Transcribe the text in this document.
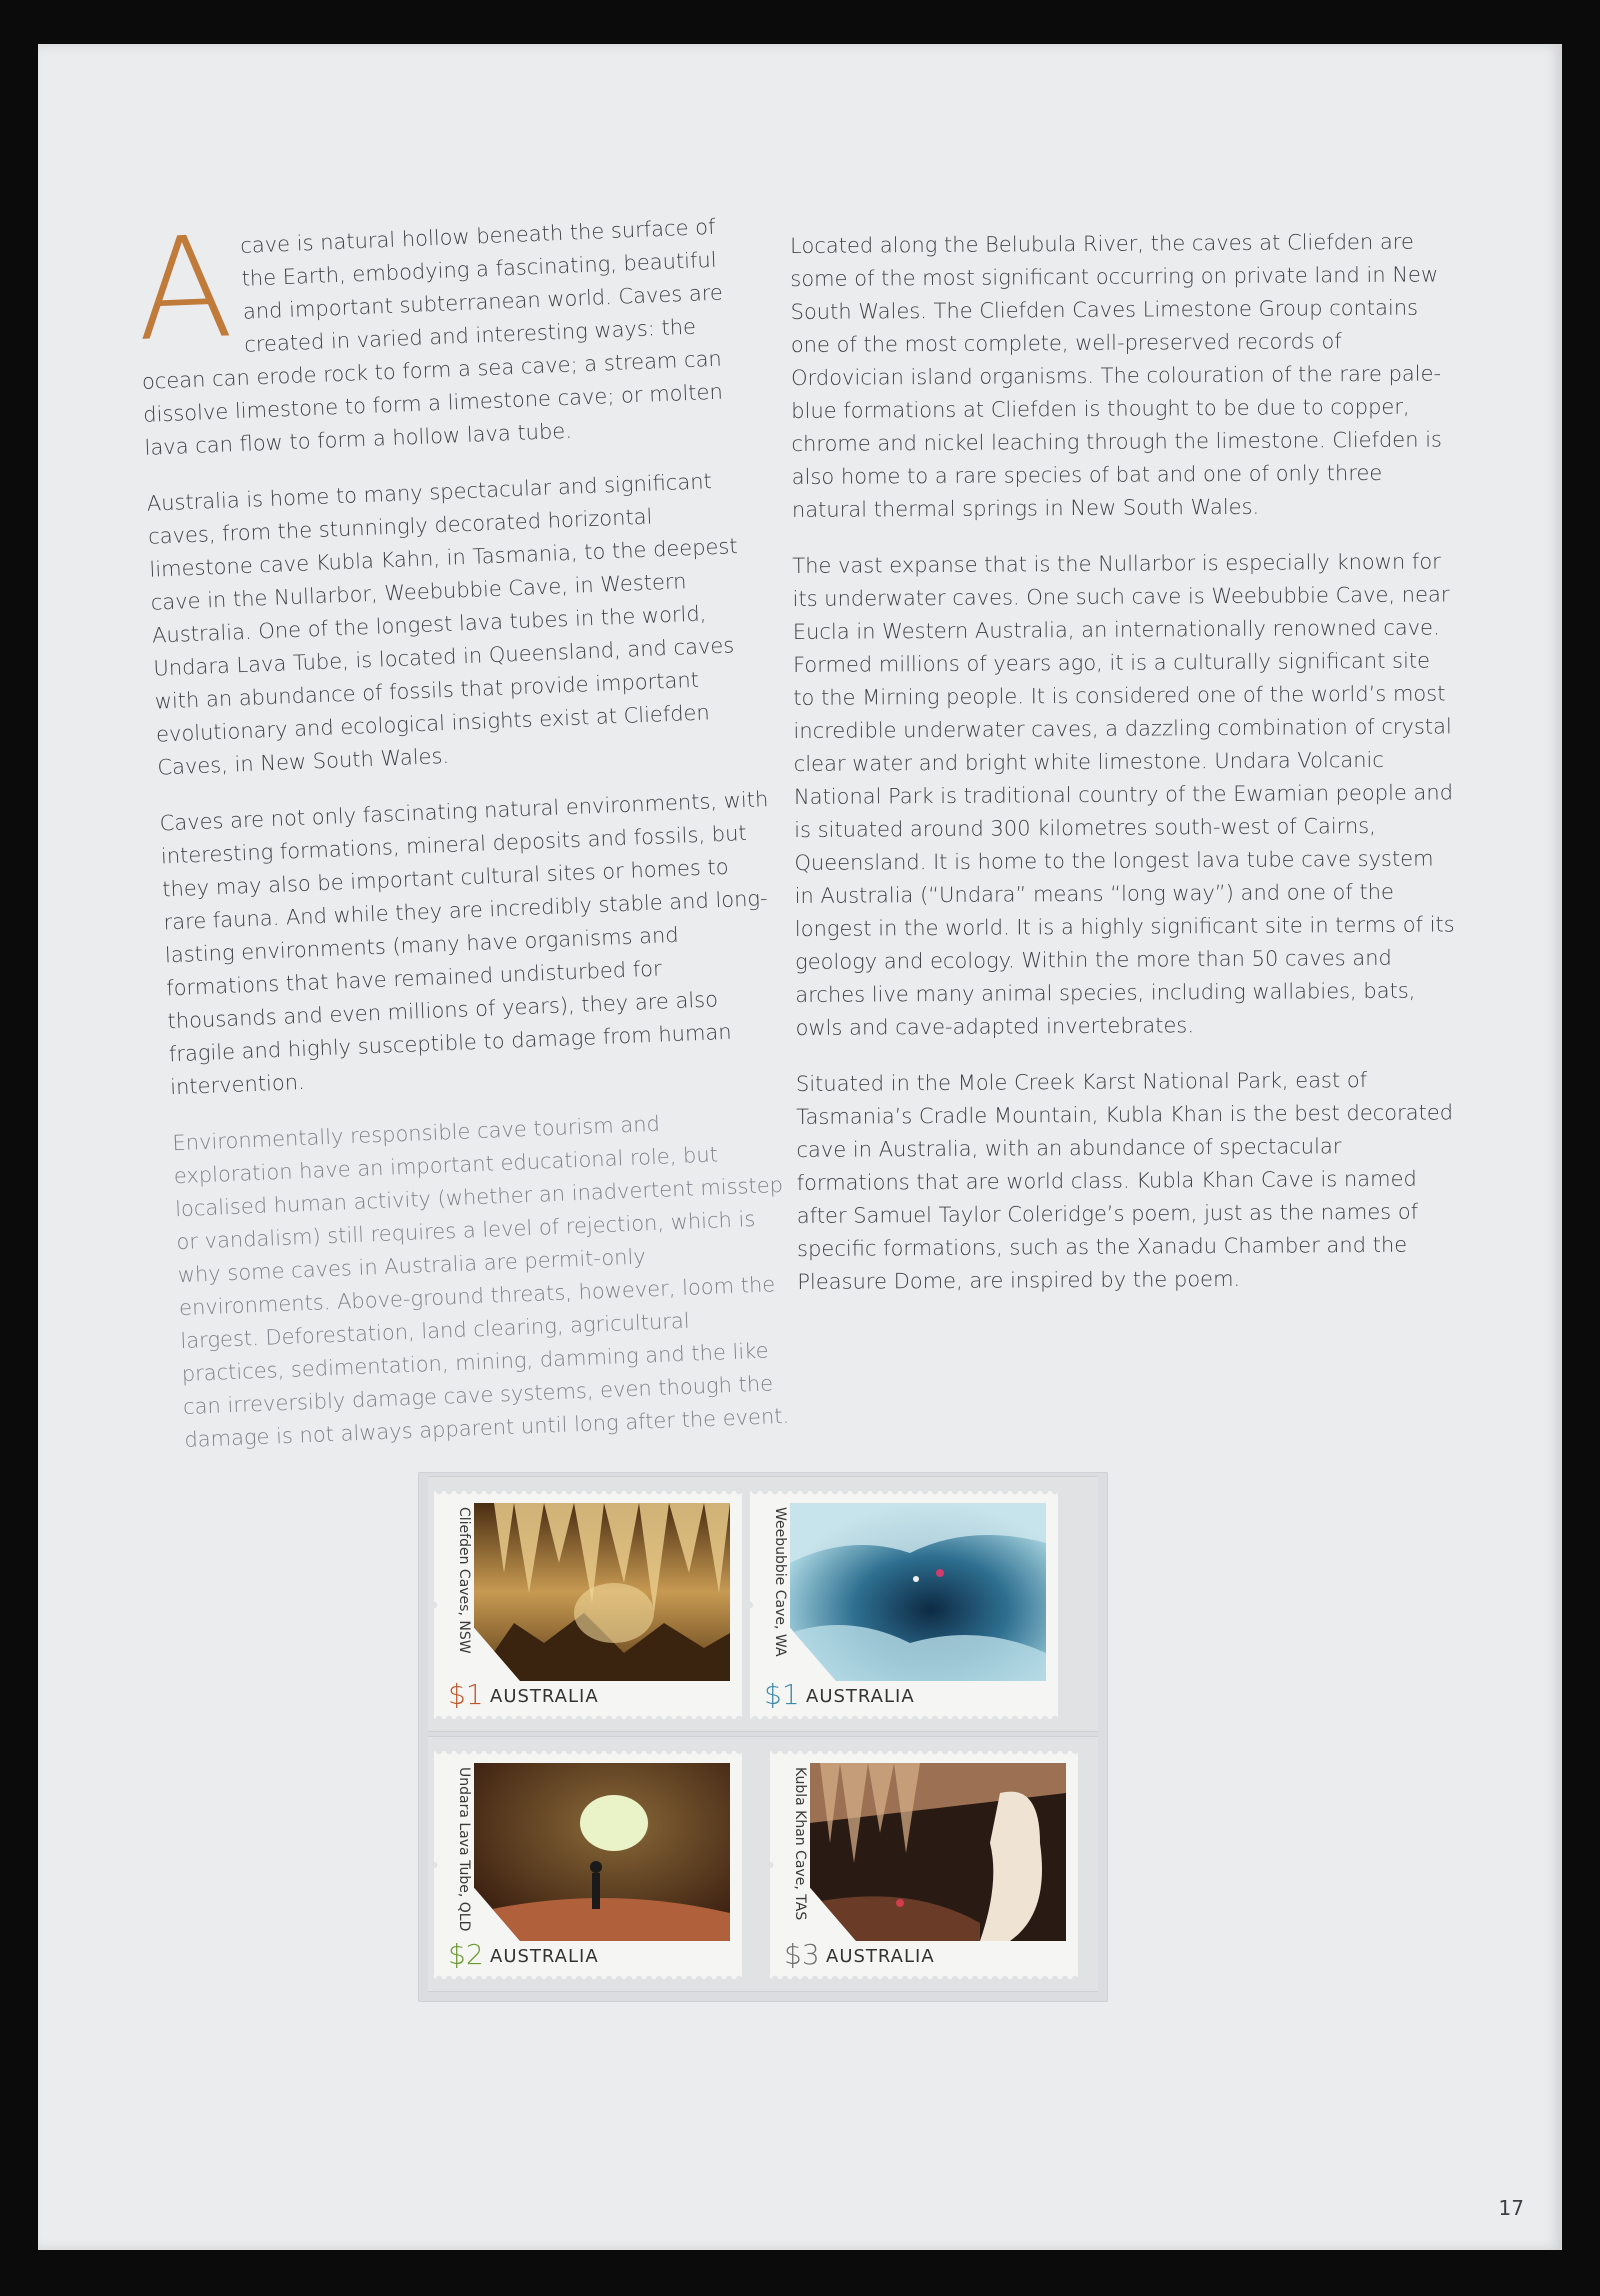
Acave is natural hollow beneath the surface of the Earth, embodying a fascinating, beautiful and important subterranean world. Caves are created in varied and interesting ways: the ocean can erode rock to form a sea cave; a stream can dissolve limestone to form a limestone cave; or molten lava can flow to form a hollow lava tube.

Australia is home to many spectacular and significant caves, from the stunningly decorated horizontal limestone cave Kubla Kahn, in Tasmania, to the deepest cave in the Nullarbor, Weebubbie Cave, in Western Australia. One of the longest lava tubes in the world, Undara Lava Tube, is located in Queensland, and caves with an abundance of fossils that provide important evolutionary and ecological insights exist at Cliefden Caves, in New South Wales.

Caves are not only fascinating natural environments, with interesting formations, mineral deposits and fossils, but they may also be important cultural sites or homes to rare fauna. And while they are incredibly stable and long-lasting environments (many have organisms and formations that have remained undisturbed for thousands and even millions of years), they are also fragile and highly susceptible to damage from human intervention.

Environmentally responsible cave tourism and exploration have an important educational role, but localised human activity (whether an inadvertent misstep or vandalism) still requires a level of rejection, which is why some caves in Australia are permit-only environments. Above-ground threats, however, loom the largest. Deforestation, land clearing, agricultural practices, sedimentation, mining, damming and the like can irreversibly damage cave systems, even though the damage is not always apparent until long after the event.

Located along the Belubula River, the caves at Cliefden are some of the most significant occurring on private land in New South Wales. The Cliefden Caves Limestone Group contains one of the most complete, well-preserved records of Ordovician island organisms. The colouration of the rare pale-blue formations at Cliefden is thought to be due to copper, chrome and nickel leaching through the limestone. Cliefden is also home to a rare species of bat and one of only three natural thermal springs in New South Wales.

The vast expanse that is the Nullarbor is especially known for its underwater caves. One such cave is Weebubbie Cave, near Eucla in Western Australia, an internationally renowned cave. Formed millions of years ago, it is a culturally significant site to the Mirning people. It is considered one of the world’s most incredible underwater caves, a dazzling combination of crystal clear water and bright white limestone. Undara Volcanic National Park is traditional country of the Ewamian people and is situated around 300 kilometres south-west of Cairns, Queensland. It is home to the longest lava tube cave system in Australia (“Undara” means “long way”) and one of the longest in the world. It is a highly significant site in terms of its geology and ecology. Within the more than 50 caves and arches live many animal species, including wallabies, bats, owls and cave-adapted invertebrates.

Situated in the Mole Creek Karst National Park, east of Tasmania’s Cradle Mountain, Kubla Khan is the best decorated cave in Australia, with an abundance of spectacular formations that are world class. Kubla Khan Cave is named after Samuel Taylor Coleridge’s poem, just as the names of specific formations, such as the Xanadu Chamber and the Pleasure Dome, are inspired by the poem.

Cliefden Caves, NSW
$1 AUSTRALIA
Weebubbie Cave, WA
$1 AUSTRALIA
Undara Lava Tube, QLD
$2 AUSTRALIA
Kubla Khan Cave, TAS
$3 AUSTRALIA
17
